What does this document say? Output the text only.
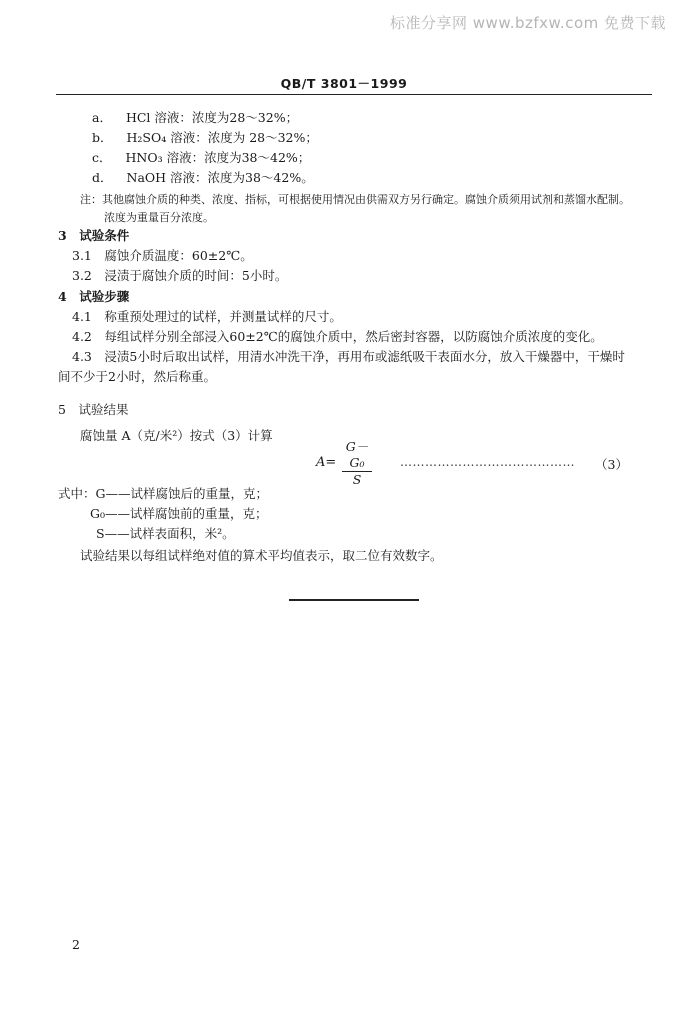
标准分享网 www.bzfxw.com 免费下载
QB/T 3801－1999
a． HCl 溶液：浓度为28～32%；
b． H₂SO₄ 溶液：浓度为 28～32%；
c． HNO₃ 溶液：浓度为38～42%；
d． NaOH 溶液：浓度为38～42%。
注：其他腐蚀介质的种类、浓度、指标，可根据使用情况由供需双方另行确定。腐蚀介质须用试剂和蒸馏水配制。
浓度为重量百分浓度。
3　试验条件
3.1　腐蚀介质温度：60±2℃。
3.2　浸渍于腐蚀介质的时间：5小时。
4　试验步骤
4.1　称重预处理过的试样，并测量试样的尺寸。
4.2　每组试样分别全部浸入60±2℃的腐蚀介质中，然后密封容器，以防腐蚀介质浓度的变化。
4.3　浸渍5小时后取出试样，用清水冲洗干净，再用布或滤纸吸干表面水分，放入干燥器中，干燥时
间不少于2小时，然后称重。
5　试验结果
腐蚀量 A（克/米²）按式（3）计算
A=
G－G₀
S
…………………………………… （3）
式中：G——试样腐蚀后的重量，克；
G₀——试样腐蚀前的重量，克；
S——试样表面积，米²。
试验结果以每组试样绝对值的算术平均值表示，取二位有效数字。
2
